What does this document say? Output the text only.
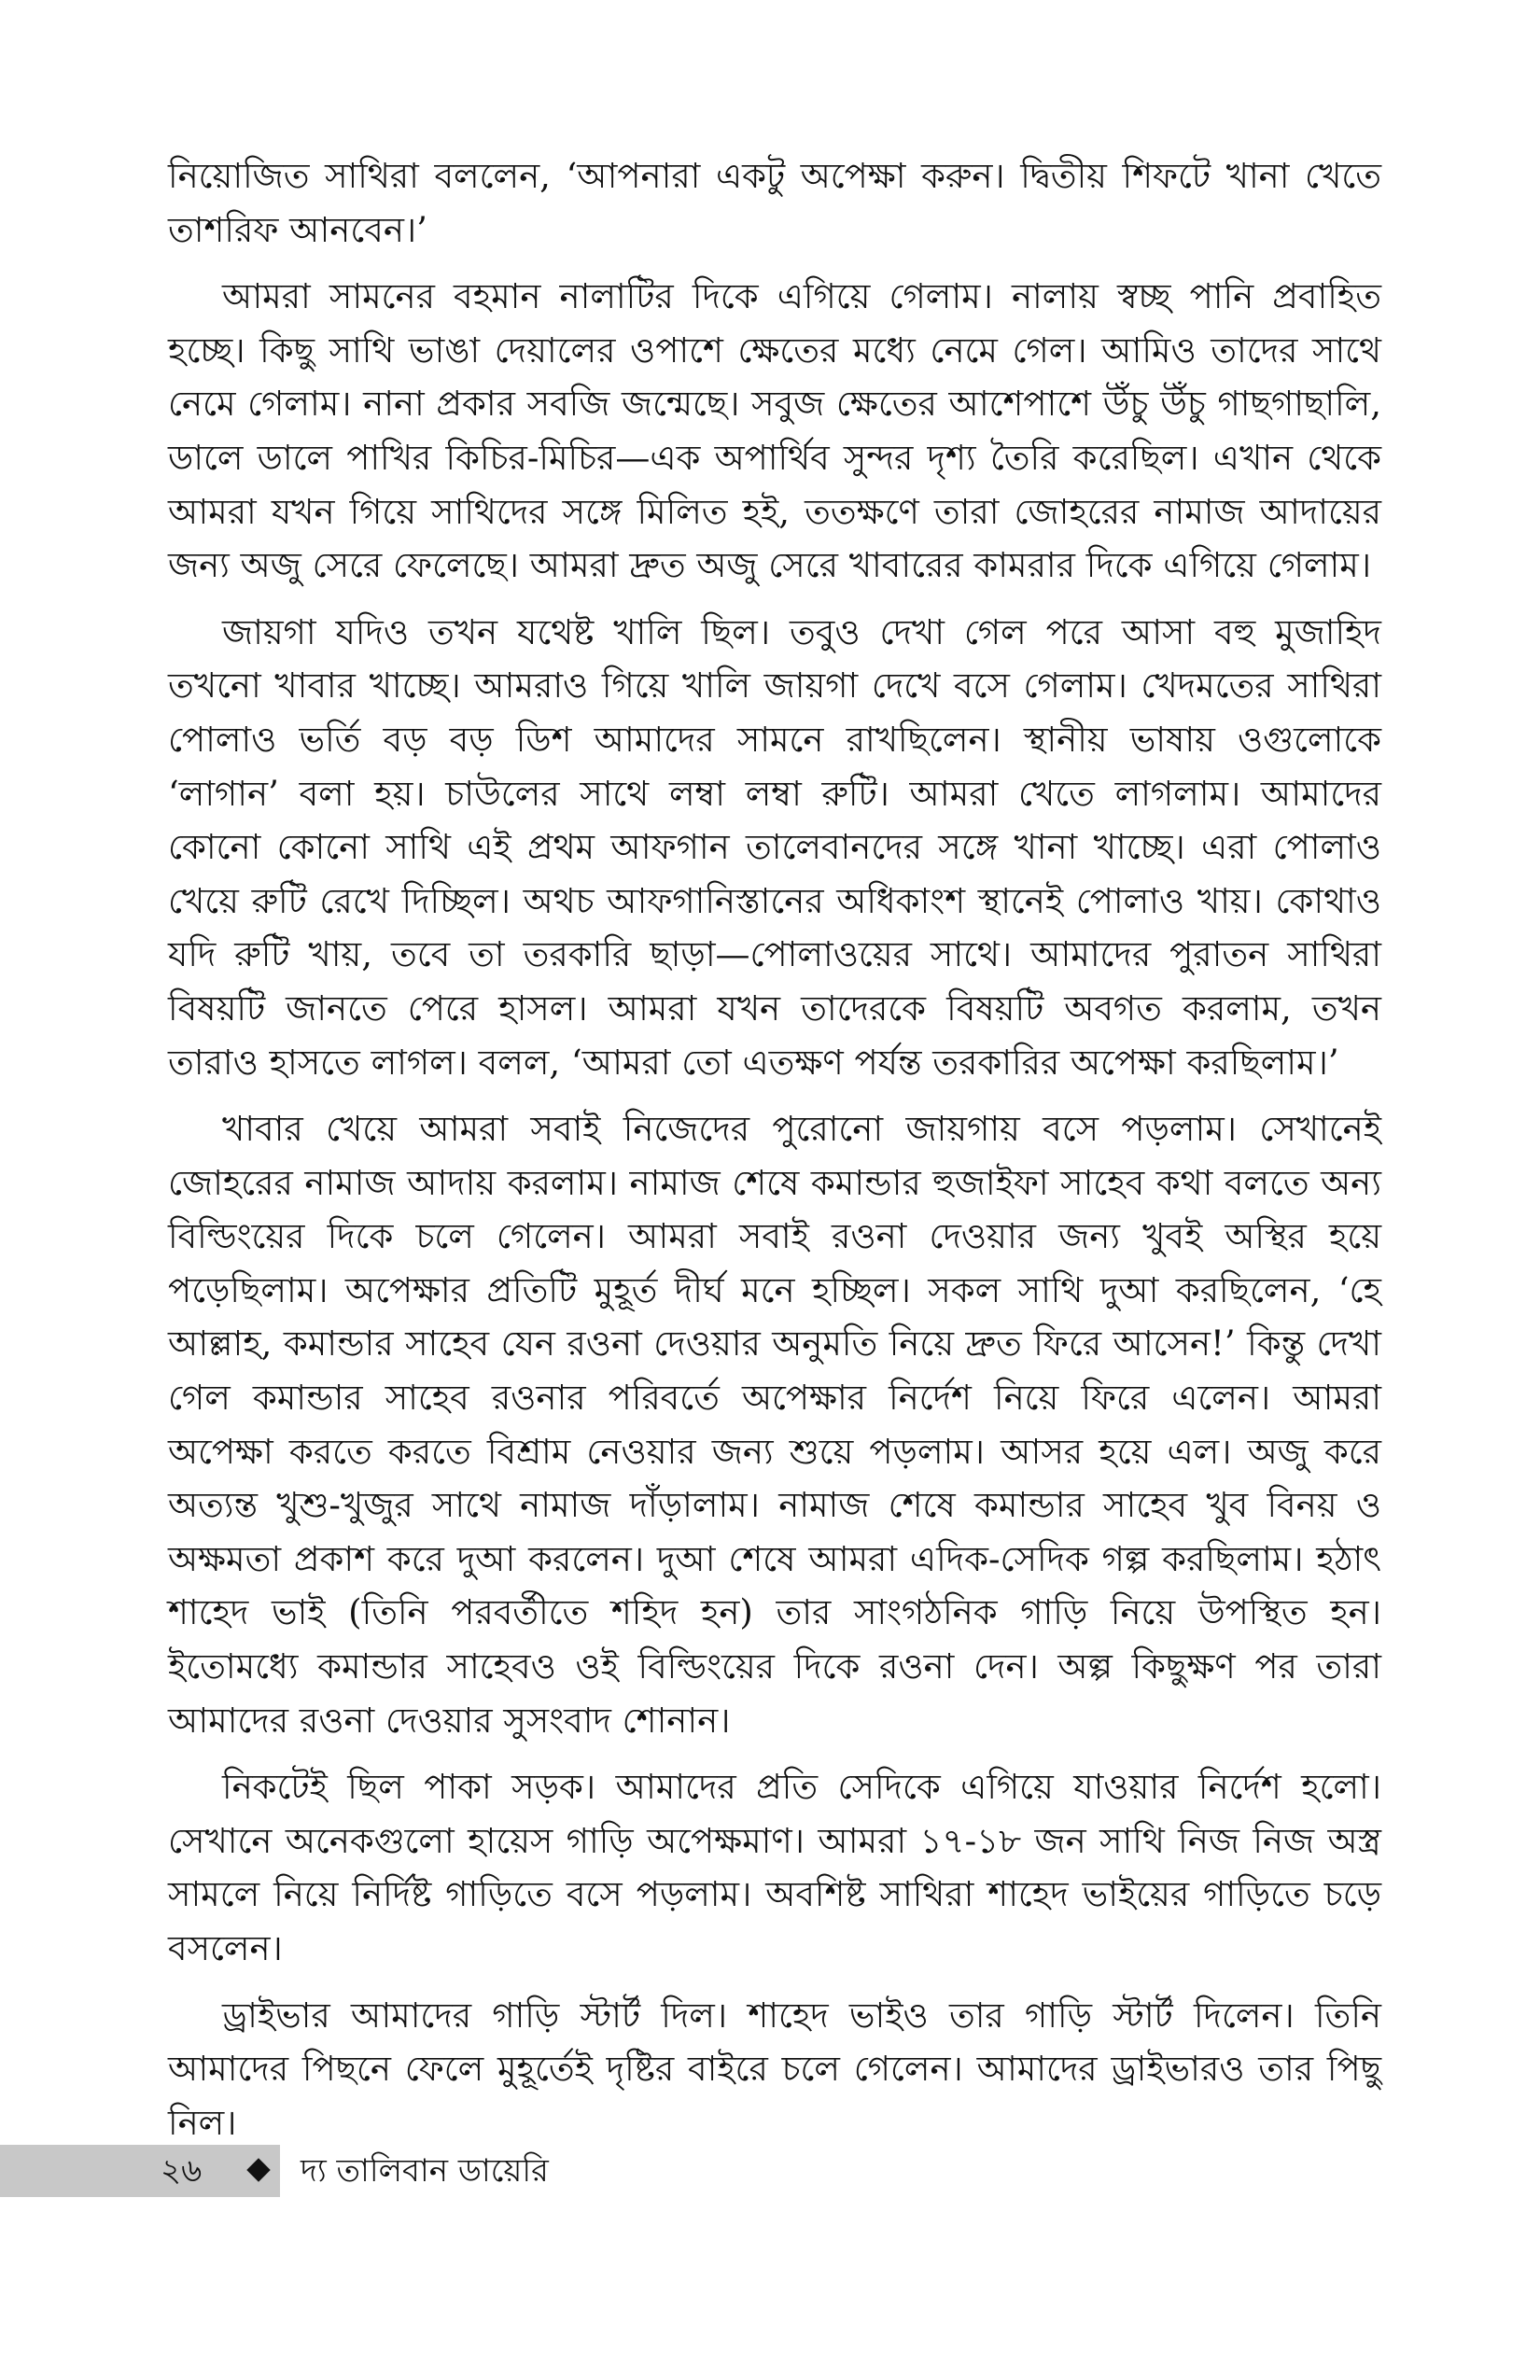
নিয়োজিত সাথিরা বললেন, ‘আপনারা একটু অপেক্ষা করুন। দ্বিতীয় শিফটে খানা খেতে তাশরিফ আনবেন।’

আমরা সামনের বহমান নালাটির দিকে এগিয়ে গেলাম। নালায় স্বচ্ছ পানি প্রবাহিত হচ্ছে। কিছু সাথি ভাঙা দেয়ালের ওপাশে ক্ষেতের মধ্যে নেমে গেল। আমিও তাদের সাথে নেমে গেলাম। নানা প্রকার সবজি জন্মেছে। সবুজ ক্ষেতের আশেপাশে উঁচু উঁচু গাছগাছালি, ডালে ডালে পাখির কিচির-মিচির—এক অপার্থিব সুন্দর দৃশ্য তৈরি করেছিল। এখান থেকে আমরা যখন গিয়ে সাথিদের সঙ্গে মিলিত হই, ততক্ষণে তারা জোহরের নামাজ আদায়ের জন্য অজু সেরে ফেলেছে। আমরা দ্রুত অজু সেরে খাবারের কামরার দিকে এগিয়ে গেলাম।

জায়গা যদিও তখন যথেষ্ট খালি ছিল। তবুও দেখা গেল পরে আসা বহু মুজাহিদ তখনো খাবার খাচ্ছে। আমরাও গিয়ে খালি জায়গা দেখে বসে গেলাম। খেদমতের সাথিরা পোলাও ভর্তি বড় বড় ডিশ আমাদের সামনে রাখছিলেন। স্থানীয় ভাষায় ওগুলোকে ‘লাগান’ বলা হয়। চাউলের সাথে লম্বা লম্বা রুটি। আমরা খেতে লাগলাম। আমাদের কোনো কোনো সাথি এই প্রথম আফগান তালেবানদের সঙ্গে খানা খাচ্ছে। এরা পোলাও খেয়ে রুটি রেখে দিচ্ছিল। অথচ আফগানিস্তানের অধিকাংশ স্থানেই পোলাও খায়। কোথাও যদি রুটি খায়, তবে তা তরকারি ছাড়া—পোলাওয়ের সাথে। আমাদের পুরাতন সাথিরা বিষয়টি জানতে পেরে হাসল। আমরা যখন তাদেরকে বিষয়টি অবগত করলাম, তখন তারাও হাসতে লাগল। বলল, ‘আমরা তো এতক্ষণ পর্যন্ত তরকারির অপেক্ষা করছিলাম।’

খাবার খেয়ে আমরা সবাই নিজেদের পুরোনো জায়গায় বসে পড়লাম। সেখানেই জোহরের নামাজ আদায় করলাম। নামাজ শেষে কমান্ডার হুজাইফা সাহেব কথা বলতে অন্য বিল্ডিংয়ের দিকে চলে গেলেন। আমরা সবাই রওনা দেওয়ার জন্য খুবই অস্থির হয়ে পড়েছিলাম। অপেক্ষার প্রতিটি মুহূর্ত দীর্ঘ মনে হচ্ছিল। সকল সাথি দুআ করছিলেন, ‘হে আল্লাহ, কমান্ডার সাহেব যেন রওনা দেওয়ার অনুমতি নিয়ে দ্রুত ফিরে আসেন!’ কিন্তু দেখা গেল কমান্ডার সাহেব রওনার পরিবর্তে অপেক্ষার নির্দেশ নিয়ে ফিরে এলেন। আমরা অপেক্ষা করতে করতে বিশ্রাম নেওয়ার জন্য শুয়ে পড়লাম। আসর হয়ে এল। অজু করে অত্যন্ত খুশু-খুজুর সাথে নামাজ দাঁড়ালাম। নামাজ শেষে কমান্ডার সাহেব খুব বিনয় ও অক্ষমতা প্রকাশ করে দুআ করলেন। দুআ শেষে আমরা এদিক-সেদিক গল্প করছিলাম। হঠাৎ শাহেদ ভাই (তিনি পরবর্তীতে শহিদ হন) তার সাংগঠনিক গাড়ি নিয়ে উপস্থিত হন। ইতোমধ্যে কমান্ডার সাহেবও ওই বিল্ডিংয়ের দিকে রওনা দেন। অল্প কিছুক্ষণ পর তারা আমাদের রওনা দেওয়ার সুসংবাদ শোনান।

নিকটেই ছিল পাকা সড়ক। আমাদের প্রতি সেদিকে এগিয়ে যাওয়ার নির্দেশ হলো। সেখানে অনেকগুলো হায়েস গাড়ি অপেক্ষমাণ। আমরা ১৭-১৮ জন সাথি নিজ নিজ অস্ত্র সামলে নিয়ে নির্দিষ্ট গাড়িতে বসে পড়লাম। অবশিষ্ট সাথিরা শাহেদ ভাইয়ের গাড়িতে চড়ে বসলেন।

ড্রাইভার আমাদের গাড়ি স্টার্ট দিল। শাহেদ ভাইও তার গাড়ি স্টার্ট দিলেন। তিনি আমাদের পিছনে ফেলে মুহূর্তেই দৃষ্টির বাইরে চলে গেলেন। আমাদের ড্রাইভারও তার পিছু নিল।

২৬	দ্য তালিবান ডায়েরি
